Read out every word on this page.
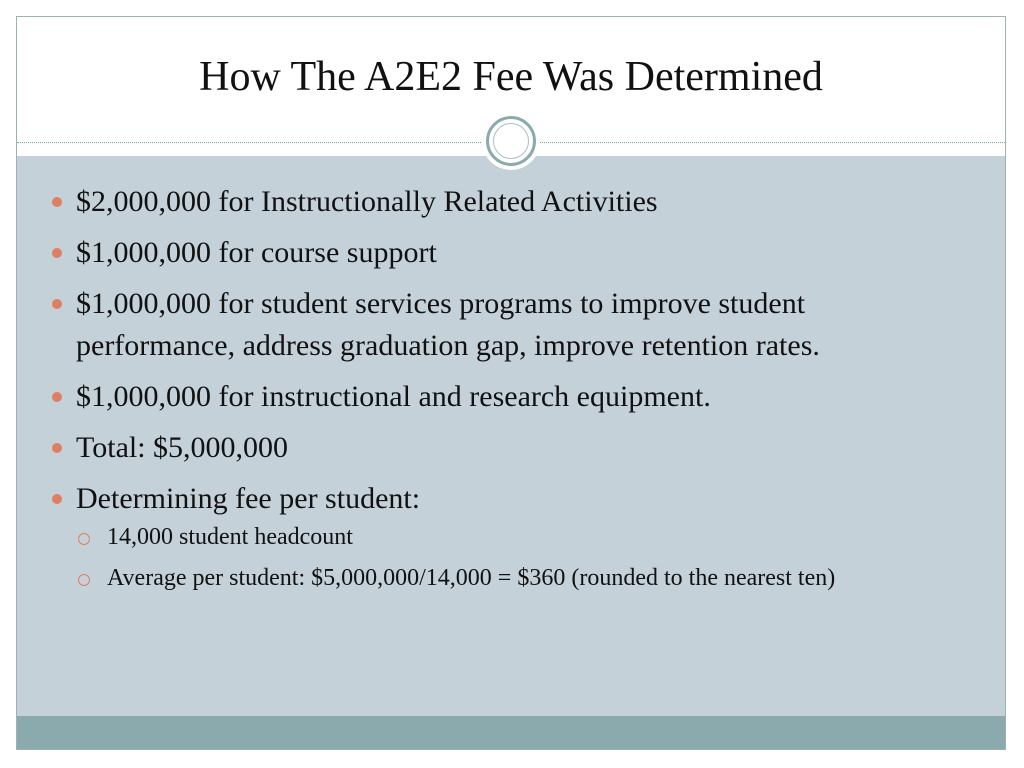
How The A2E2 Fee Was Determined
$2,000,000 for Instructionally Related Activities
$1,000,000 for course support
$1,000,000 for student services programs to improve student performance, address graduation gap, improve retention rates.
$1,000,000 for instructional and research equipment.
Total: $5,000,000
Determining fee per student:
14,000 student headcount
Average per student: $5,000,000/14,000 = $360 (rounded to the nearest ten)
